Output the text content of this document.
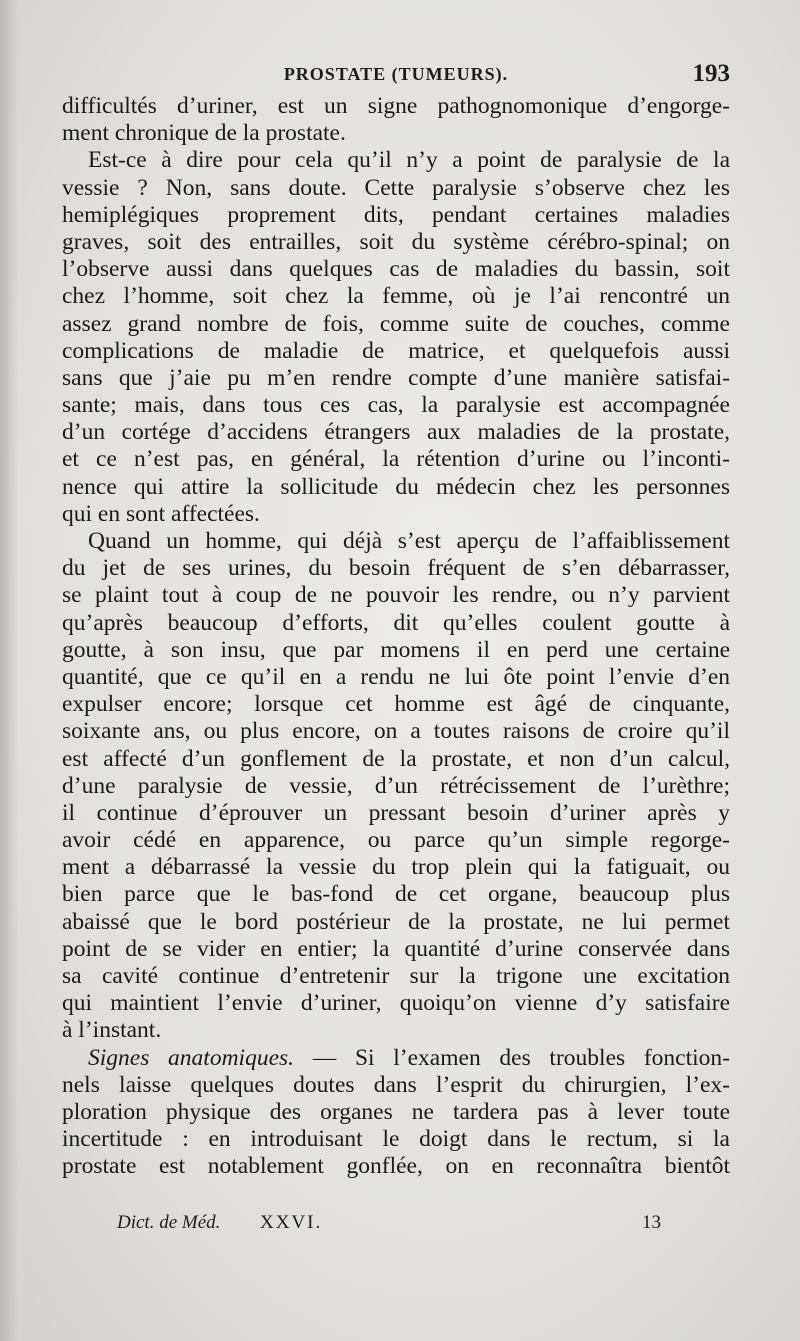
PROSTATE (TUMEURS).	193
difficultés d’uriner, est un signe pathognomonique d’engorge-
ment chronique de la prostate.
Est-ce à dire pour cela qu’il n’y a point de paralysie de la
vessie ? Non, sans doute. Cette paralysie s’observe chez les
hemiplégiques proprement dits, pendant certaines maladies
graves, soit des entrailles, soit du système cérébro-spinal; on
l’observe aussi dans quelques cas de maladies du bassin, soit
chez l’homme, soit chez la femme, où je l’ai rencontré un
assez grand nombre de fois, comme suite de couches, comme
complications de maladie de matrice, et quelquefois aussi
sans que j’aie pu m’en rendre compte d’une manière satisfai-
sante; mais, dans tous ces cas, la paralysie est accompagnée
d’un cortége d’accidens étrangers aux maladies de la prostate,
et ce n’est pas, en général, la rétention d’urine ou l’inconti-
nence qui attire la sollicitude du médecin chez les personnes
qui en sont affectées.
Quand un homme, qui déjà s’est aperçu de l’affaiblissement
du jet de ses urines, du besoin fréquent de s’en débarrasser,
se plaint tout à coup de ne pouvoir les rendre, ou n’y parvient
qu’après beaucoup d’efforts, dit qu’elles coulent goutte à
goutte, à son insu, que par momens il en perd une certaine
quantité, que ce qu’il en a rendu ne lui ôte point l’envie d’en
expulser encore; lorsque cet homme est âgé de cinquante,
soixante ans, ou plus encore, on a toutes raisons de croire qu’il
est affecté d’un gonflement de la prostate, et non d’un calcul,
d’une paralysie de vessie, d’un rétrécissement de l’urèthre;
il continue d’éprouver un pressant besoin d’uriner après y
avoir cédé en apparence, ou parce qu’un simple regorge-
ment a débarrassé la vessie du trop plein qui la fatiguait, ou
bien parce que le bas-fond de cet organe, beaucoup plus
abaissé que le bord postérieur de la prostate, ne lui permet
point de se vider en entier; la quantité d’urine conservée dans
sa cavité continue d’entretenir sur la trigone une excitation
qui maintient l’envie d’uriner, quoiqu’on vienne d’y satisfaire
à l’instant.
Signes anatomiques. — Si l’examen des troubles fonction-
nels laisse quelques doutes dans l’esprit du chirurgien, l’ex-
ploration physique des organes ne tardera pas à lever toute
incertitude : en introduisant le doigt dans le rectum, si la
prostate est notablement gonflée, on en reconnaîtra bientôt
Dict. de Méd. XXVI.	13
